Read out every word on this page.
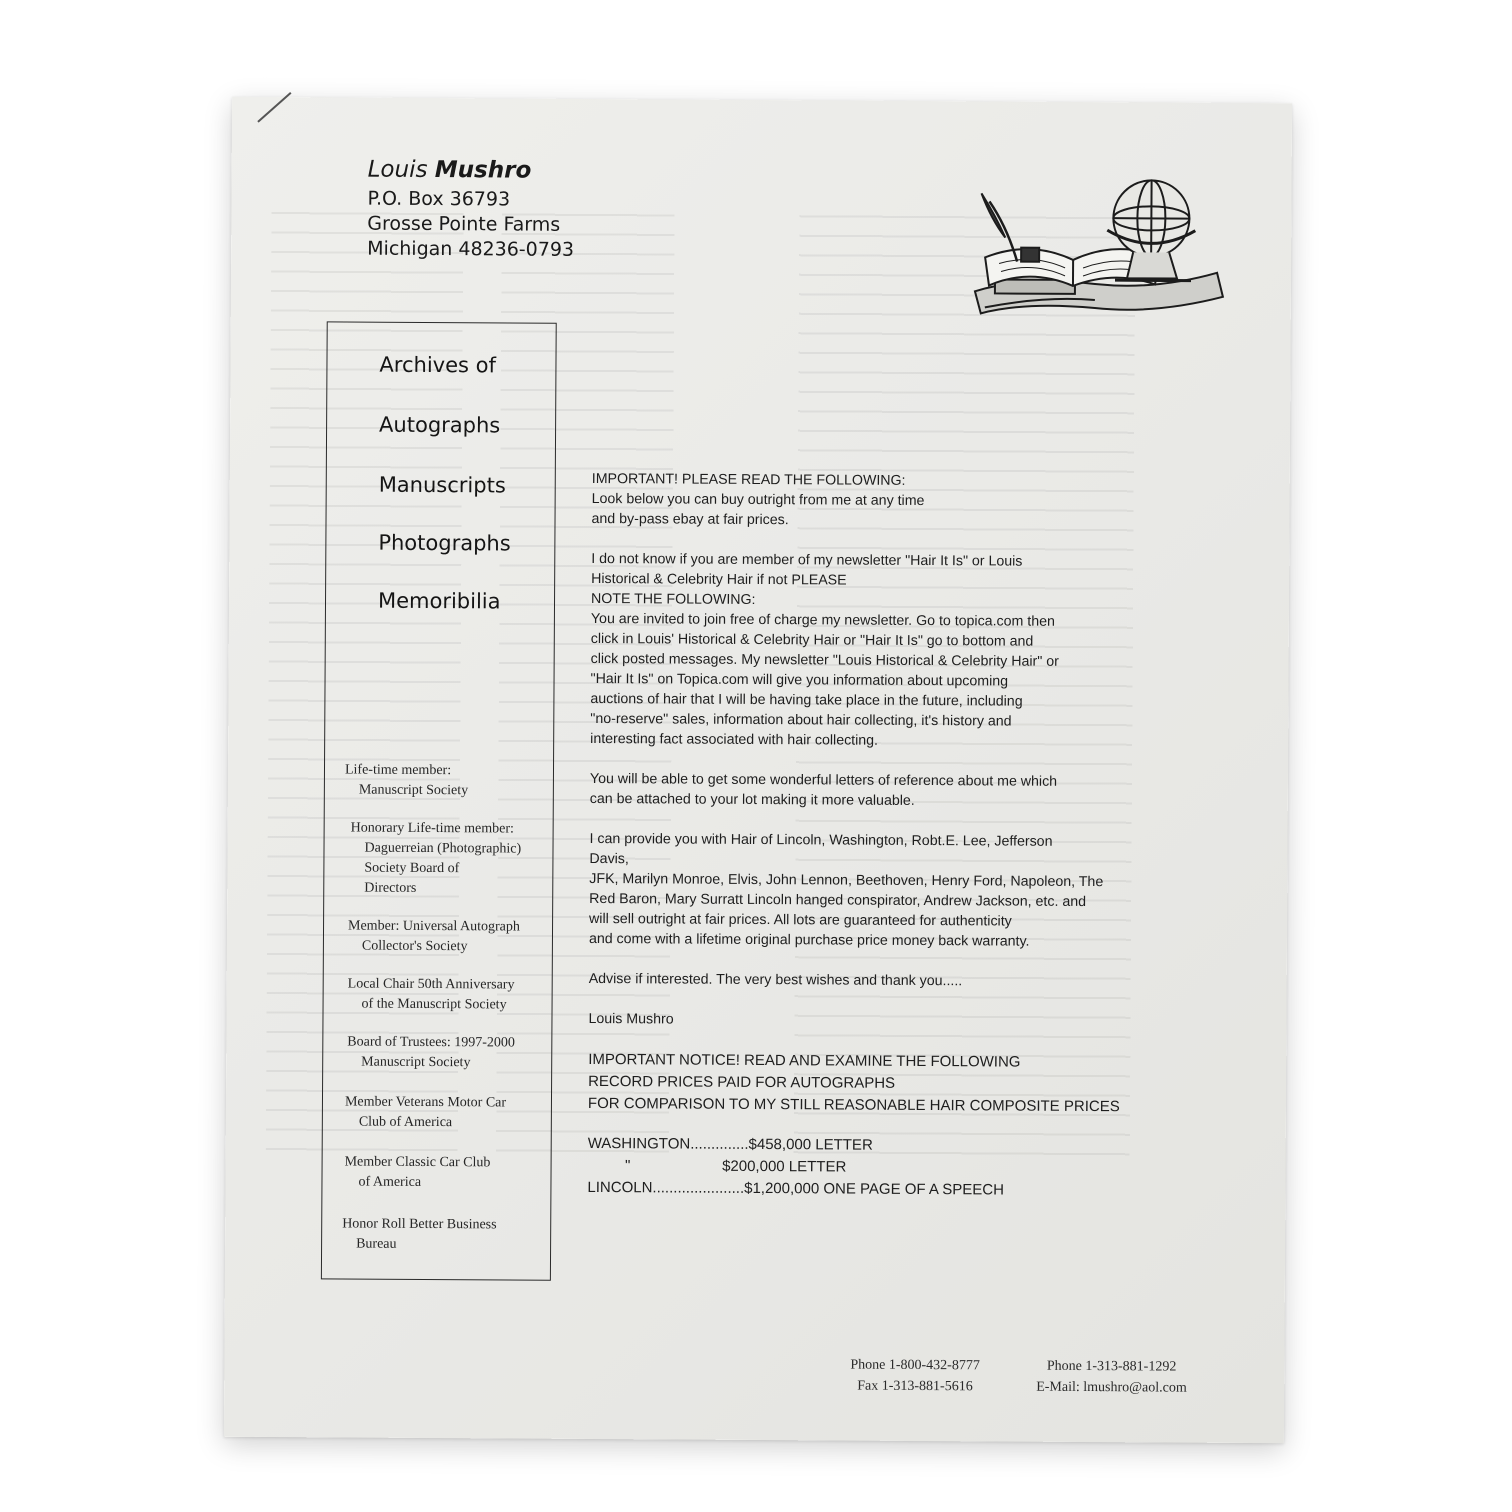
Louis Mushro
P.O. Box 36793
Grosse Pointe Farms
Michigan 48236-0793
Archives of
Autographs
Manuscripts
Photographs
Memoribilia
Life-time member:
Manuscript Society
Honorary Life-time member:
Daguerreian (Photographic)
Society Board of
Directors
Member: Universal Autograph
Collector's Society
Local Chair 50th Anniversary
of the Manuscript Society
Board of Trustees: 1997-2000
Manuscript Society
Member Veterans Motor Car
Club of America
Member Classic Car Club
of America
Honor Roll Better Business
Bureau

IMPORTANT! PLEASE READ THE FOLLOWING:
Look below you can buy outright from me at any time
and by-pass ebay at fair prices.

I do not know if you are member of my newsletter "Hair It Is" or Louis
Historical & Celebrity Hair if not PLEASE
NOTE THE FOLLOWING:
You are invited to join free of charge my newsletter. Go to topica.com then
click in Louis' Historical & Celebrity Hair or "Hair It Is" go to bottom and
click posted messages. My newsletter "Louis Historical & Celebrity Hair" or
"Hair It Is" on Topica.com will give you information about upcoming
auctions of hair that I will be having take place in the future, including
"no-reserve" sales, information about hair collecting, it's history and
interesting fact associated with hair collecting.

You will be able to get some wonderful letters of reference about me which
can be attached to your lot making it more valuable.

I can provide you with Hair of Lincoln, Washington, Robt.E. Lee, Jefferson
Davis,
JFK, Marilyn Monroe, Elvis, John Lennon, Beethoven, Henry Ford, Napoleon, The
Red Baron, Mary Surratt Lincoln hanged conspirator, Andrew Jackson, etc. and
will sell outright at fair prices. All lots are guaranteed for authenticity
and come with a lifetime original purchase price money back warranty.

Advise if interested. The very best wishes and thank you.....

Louis Mushro

IMPORTANT NOTICE! READ AND EXAMINE THE FOLLOWING
RECORD PRICES PAID FOR AUTOGRAPHS
FOR COMPARISON TO MY STILL REASONABLE HAIR COMPOSITE PRICES
WASHINGTON..............$458,000 LETTER
"                      $200,000 LETTER
LINCOLN......................$1,200,000 ONE PAGE OF A SPEECH
Phone 1-800-432-8777
Fax 1-313-881-5616
Phone 1-313-881-1292
E-Mail: lmushro@aol.com
